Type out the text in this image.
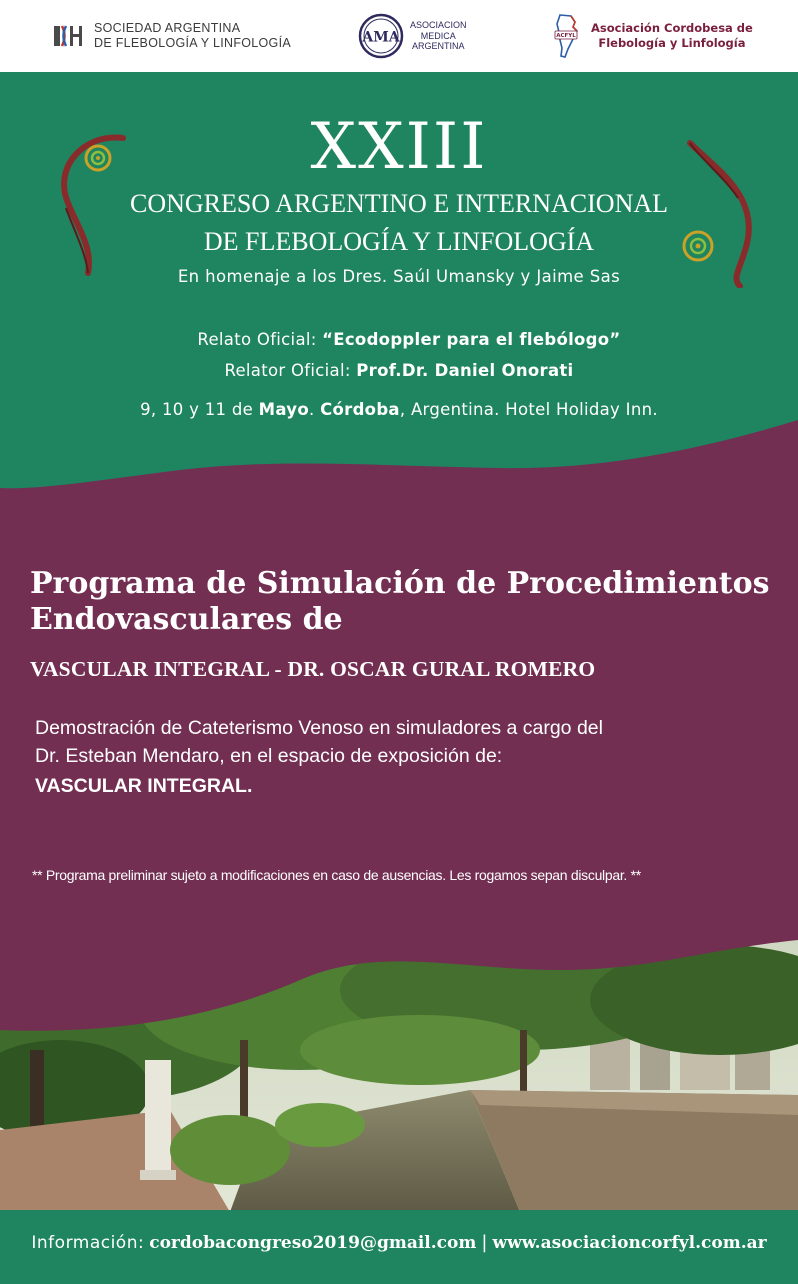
SOCIEDAD ARGENTINA
DE FLEBOLOGÍA Y LINFOLOGÍA	AMA
ASOCIACION
MEDICA
ARGENTINA
ACFYL
Asociación Cordobesa de
Flebología y Linfología
XXIII
CONGRESO ARGENTINO E INTERNACIONAL
DE FLEBOLOGÍA Y LINFOLOGÍA
En homenaje a los Dres. Saúl Umansky y Jaime Sas
Relato Oficial: “Ecodoppler para el flebólogo”
Relator Oficial: Prof.Dr. Daniel Onorati
9, 10 y 11 de Mayo. Córdoba, Argentina. Hotel Holiday Inn.
Programa de Simulación de Procedimientos
Endovasculares de
VASCULAR INTEGRAL - DR. OSCAR GURAL ROMERO
Demostración de Cateterismo Venoso en simuladores a cargo del
Dr. Esteban Mendaro, en el espacio de exposición de:
VASCULAR INTEGRAL.
** Programa preliminar sujeto a modificaciones en caso de ausencias. Les rogamos sepan disculpar. **
Información: cordobacongreso2019@gmail.com | www.asociacioncorfyl.com.ar
